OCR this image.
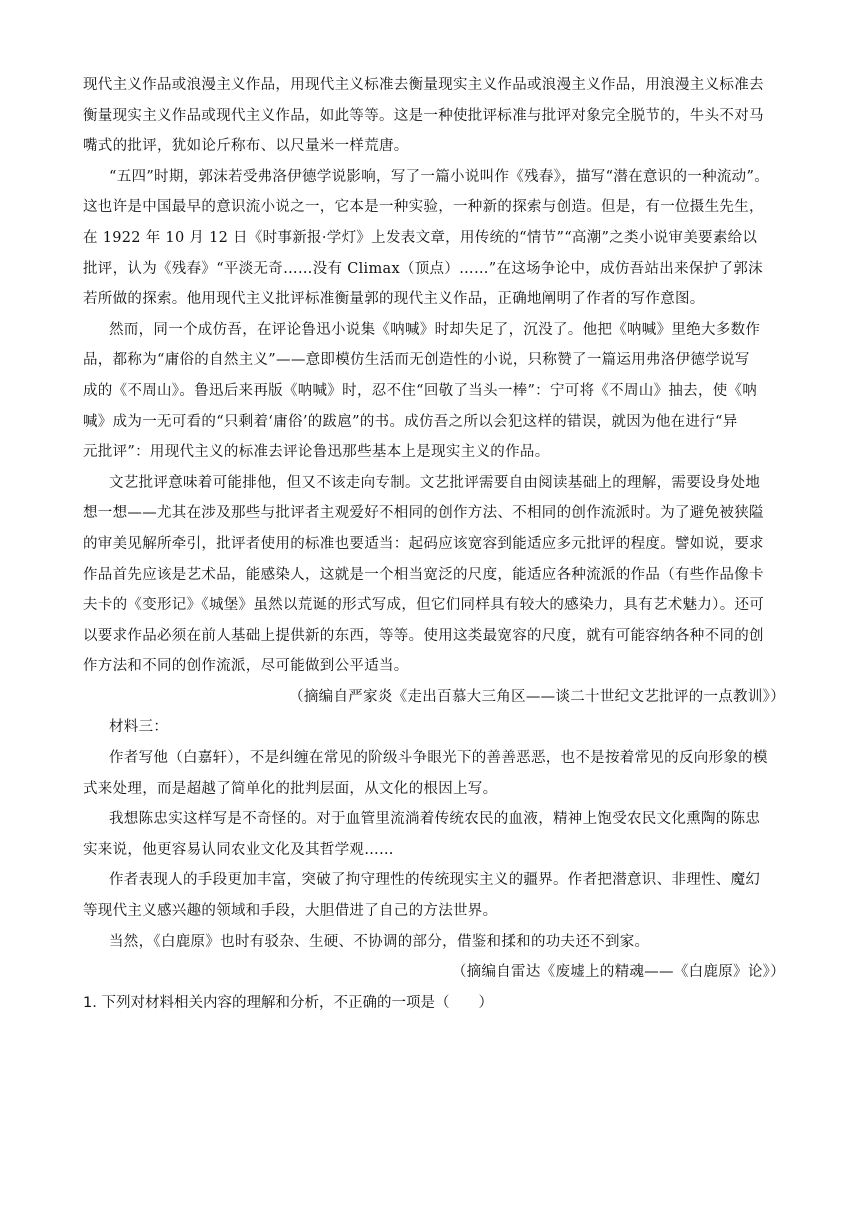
现代主义作品或浪漫主义作品，用现代主义标准去衡量现实主义作品或浪漫主义作品，用浪漫主义标准去
衡量现实主义作品或现代主义作品，如此等等。这是一种使批评标准与批评对象完全脱节的，牛头不对马
嘴式的批评，犹如论斤称布、以尺量米一样荒唐。
“五四”时期，郭沫若受弗洛伊德学说影响，写了一篇小说叫作《残春》，描写“潜在意识的一种流动”。
这也许是中国最早的意识流小说之一，它本是一种实验，一种新的探索与创造。但是，有一位摄生先生，
在 1922 年 10 月 12 日《时事新报·学灯》上发表文章，用传统的“情节”“高潮”之类小说审美要素给以
批评，认为《残春》“平淡无奇……没有 Climax（顶点）……”在这场争论中，成仿吾站出来保护了郭沫
若所做的探索。他用现代主义批评标准衡量郭的现代主义作品，正确地阐明了作者的写作意图。
然而，同一个成仿吾，在评论鲁迅小说集《呐喊》时却失足了，沉没了。他把《呐喊》里绝大多数作
品，都称为“庸俗的自然主义”——意即模仿生活而无创造性的小说，只称赞了一篇运用弗洛伊德学说写
成的《不周山》。鲁迅后来再版《呐喊》时，忍不住“回敬了当头一棒”：宁可将《不周山》抽去，使《呐
喊》成为一无可看的“只剩着‘庸俗’的跋扈”的书。成仿吾之所以会犯这样的错误，就因为他在进行“异
元批评”：用现代主义的标准去评论鲁迅那些基本上是现实主义的作品。
文艺批评意味着可能排他，但又不该走向专制。文艺批评需要自由阅读基础上的理解，需要设身处地
想一想——尤其在涉及那些与批评者主观爱好不相同的创作方法、不相同的创作流派时。为了避免被狭隘
的审美见解所牵引，批评者使用的标准也要适当：起码应该宽容到能适应多元批评的程度。譬如说，要求
作品首先应该是艺术品，能感染人，这就是一个相当宽泛的尺度，能适应各种流派的作品（有些作品像卡
夫卡的《变形记》《城堡》虽然以荒诞的形式写成，但它们同样具有较大的感染力，具有艺术魅力）。还可
以要求作品必须在前人基础上提供新的东西，等等。使用这类最宽容的尺度，就有可能容纳各种不同的创
作方法和不同的创作流派，尽可能做到公平适当。
（摘编自严家炎《走出百慕大三角区——谈二十世纪文艺批评的一点教训》）
材料三：
作者写他（白嘉轩），不是纠缠在常见的阶级斗争眼光下的善善恶恶，也不是按着常见的反向形象的模
式来处理，而是超越了简单化的批判层面，从文化的根因上写。
我想陈忠实这样写是不奇怪的。对于血管里流淌着传统农民的血液，精神上饱受农民文化熏陶的陈忠
实来说，他更容易认同农业文化及其哲学观……
作者表现人的手段更加丰富，突破了拘守理性的传统现实主义的疆界。作者把潜意识、非理性、魔幻
等现代主义感兴趣的领域和手段，大胆借进了自己的方法世界。
当然，《白鹿原》也时有驳杂、生硬、不协调的部分，借鉴和揉和的功夫还不到家。
（摘编自雷达《废墟上的精魂——《白鹿原》论》）
1. 下列对材料相关内容的理解和分析，不正确的一项是（　　）
